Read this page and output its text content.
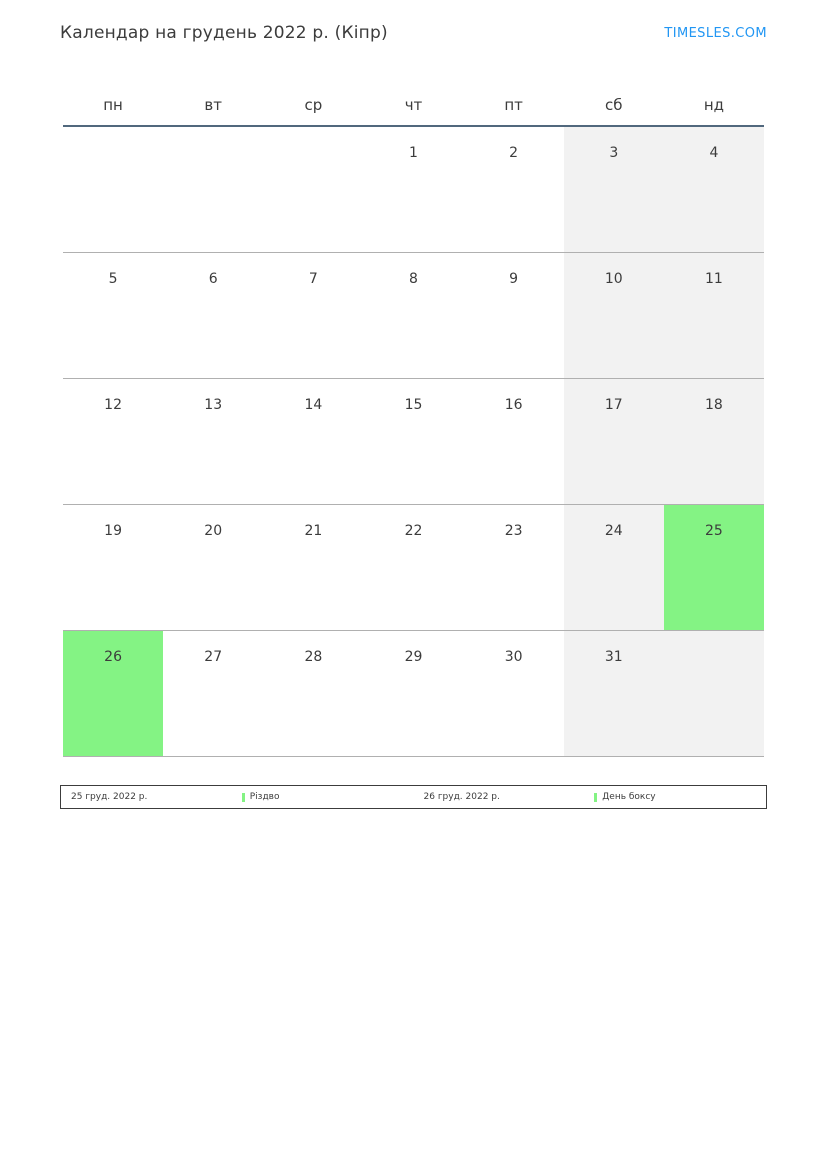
Календар на грудень 2022 р. (Кіпр)	TIMESLES.COM
пн	вт	ср	чт	пт	сб	нд

			1	2	3	4

5	6	7	8	9	10	11

12	13	14	15	16	17	18

19	20	21	22	23	24	25

26	27	28	29	30	31	

25 груд. 2022 р.	Різдво	26 груд. 2022 р.	День боксу
